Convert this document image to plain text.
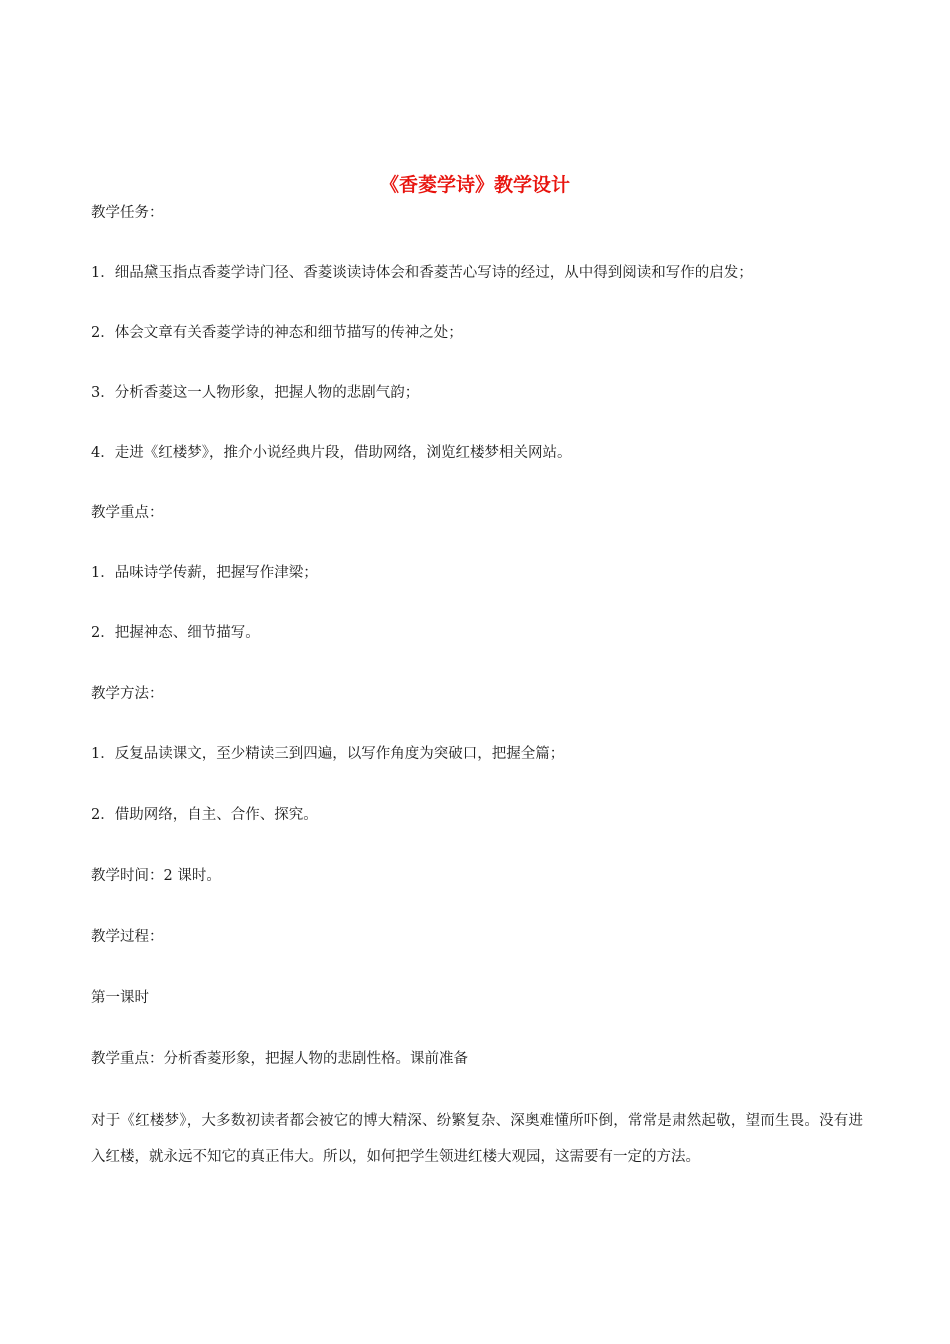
《香菱学诗》教学设计
教学任务：
1．细品黛玉指点香菱学诗门径、香菱谈读诗体会和香菱苦心写诗的经过，从中得到阅读和写作的启发；
2．体会文章有关香菱学诗的神态和细节描写的传神之处；
3．分析香菱这一人物形象，把握人物的悲剧气韵；
4．走进《红楼梦》，推介小说经典片段，借助网络，浏览红楼梦相关网站。
教学重点：
1．品味诗学传薪，把握写作津梁；
2．把握神态、细节描写。
教学方法：
1．反复品读课文，至少精读三到四遍，以写作角度为突破口，把握全篇；
2．借助网络，自主、合作、探究。
教学时间：2 课时。
教学过程：
第一课时
教学重点：分析香菱形象，把握人物的悲剧性格。课前准备
对于《红楼梦》，大多数初读者都会被它的博大精深、纷繁复杂、深奥难懂所吓倒，常常是肃然起敬，望而生畏。没有进入红楼，就永远不知它的真正伟大。所以，如何把学生领进红楼大观园，这需要有一定的方法。
